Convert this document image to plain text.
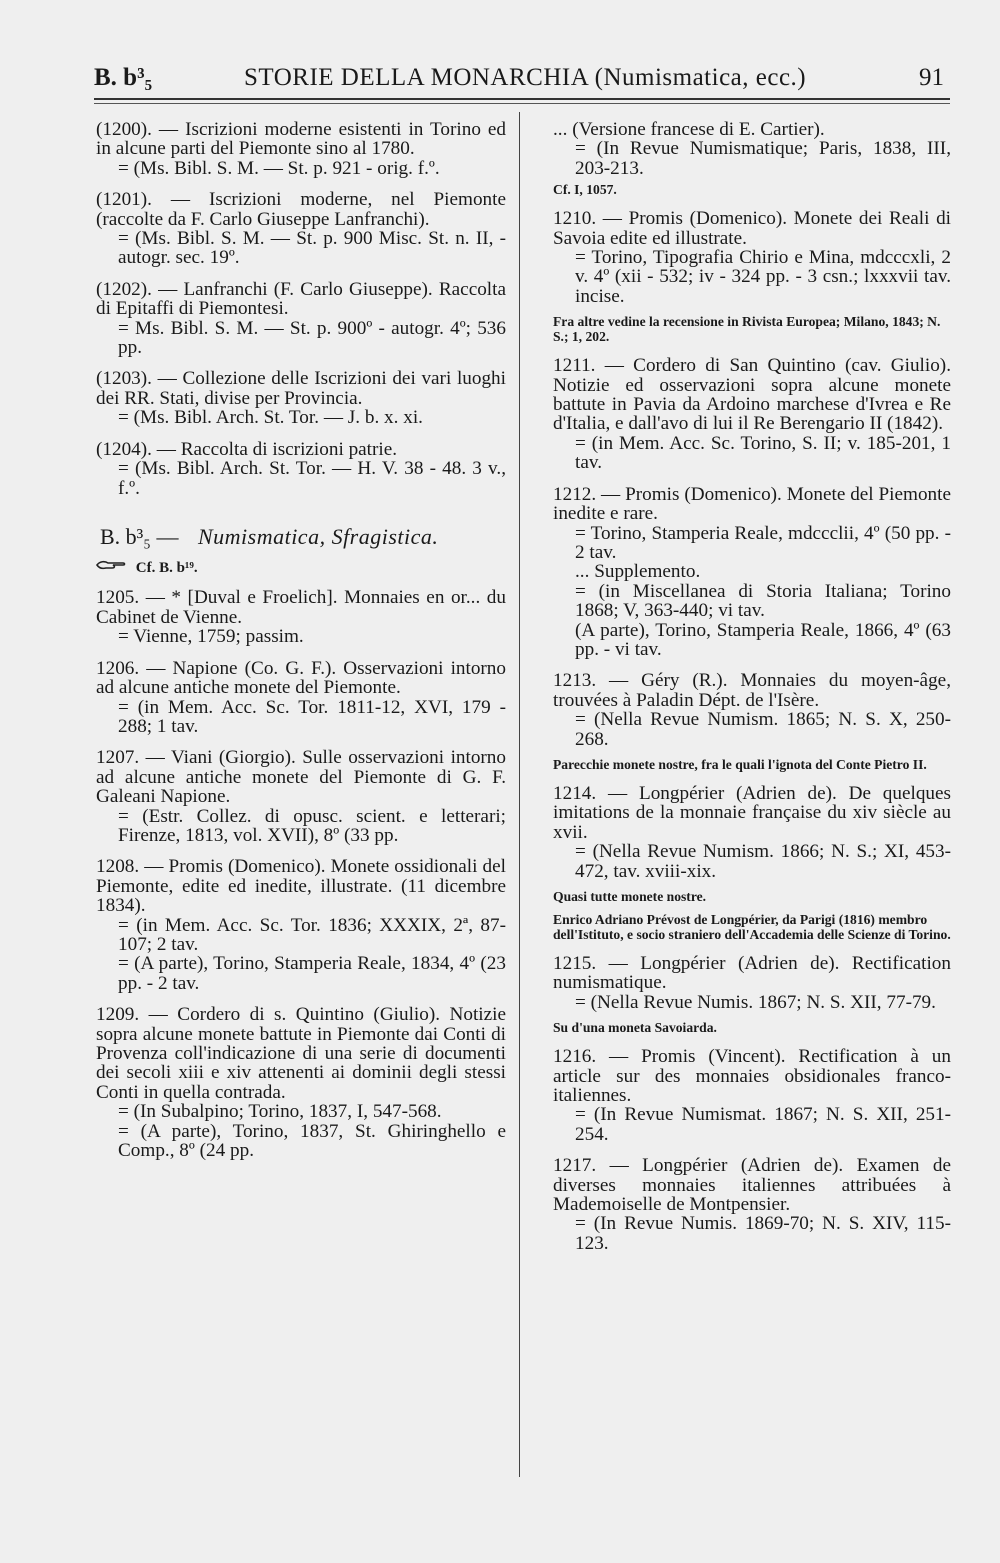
B. b³₅	STORIE DELLA MONARCHIA (Numismatica, ecc.)	91

(1200). — Iscrizioni moderne esistenti in Torino ed in alcune parti del Piemonte sino al 1780.

= (Ms. Bibl. S. M. — St. p. 921 - orig. f.º.

(1201). — Iscrizioni moderne, nel Piemonte (raccolte da F. Carlo Giuseppe Lanfranchi).

= (Ms. Bibl. S. M. — St. p. 900 Misc. St. n. II, - autogr. sec. 19º.

(1202). — Lanfranchi (F. Carlo Giuseppe). Raccolta di Epitaffi di Piemontesi.

= Ms. Bibl. S. M. — St. p. 900º - autogr. 4º; 536 pp.

(1203). — Collezione delle Iscrizioni dei vari luoghi dei RR. Stati, divise per Provincia.

= (Ms. Bibl. Arch. St. Tor. — J. b. x. xi.

(1204). — Raccolta di iscrizioni patrie.

= (Ms. Bibl. Arch. St. Tor. — H. V. 38 - 48. 3 v., f.º.

B. b³₅ — Numismatica, Sfragistica.
Cf. B. b¹⁹.

1205. — * [Duval e Froelich]. Monnaies en or... du Cabinet de Vienne.

= Vienne, 1759; passim.

1206. — Napione (Co. G. F.). Osservazioni intorno ad alcune antiche monete del Piemonte.

= (in Mem. Acc. Sc. Tor. 1811-12, XVI, 179 - 288; 1 tav.

1207. — Viani (Giorgio). Sulle osservazioni intorno ad alcune antiche monete del Piemonte di G. F. Galeani Napione.

= (Estr. Collez. di opusc. scient. e letterari; Firenze, 1813, vol. XVII), 8º (33 pp.

1208. — Promis (Domenico). Monete ossidionali del Piemonte, edite ed inedite, illustrate. (11 dicembre 1834).

= (in Mem. Acc. Sc. Tor. 1836; XXXIX, 2ª, 87-107; 2 tav.

= (A parte), Torino, Stamperia Reale, 1834, 4º (23 pp. - 2 tav.

1209. — Cordero di s. Quintino (Giulio). Notizie sopra alcune monete battute in Piemonte dai Conti di Provenza coll'indicazione di una serie di documenti dei secoli xiii e xiv attenenti ai dominii degli stessi Conti in quella contrada.

= (In Subalpino; Torino, 1837, I, 547-568.

= (A parte), Torino, 1837, St. Ghiringhello e Comp., 8º (24 pp.

... (Versione francese di E. Cartier).

= (In Revue Numismatique; Paris, 1838, III, 203-213.

Cf. I, 1057.

1210. — Promis (Domenico). Monete dei Reali di Savoia edite ed illustrate.

= Torino, Tipografia Chirio e Mina, mdcccxli, 2 v. 4º (xii - 532; iv - 324 pp. - 3 csn.; lxxxvii tav. incise.

Fra altre vedine la recensione in Rivista Europea; Milano, 1843; N. S.; 1, 202.

1211. — Cordero di San Quintino (cav. Giulio). Notizie ed osservazioni sopra alcune monete battute in Pavia da Ardoino marchese d'Ivrea e Re d'Italia, e dall'avo di lui il Re Berengario II (1842).

= (in Mem. Acc. Sc. Torino, S. II; v. 185-201, 1 tav.

1212. — Promis (Domenico). Monete del Piemonte inedite e rare.

= Torino, Stamperia Reale, mdccclii, 4º (50 pp. - 2 tav.

... Supplemento.

= (in Miscellanea di Storia Italiana; Torino 1868; V, 363-440; vi tav.

(A parte), Torino, Stamperia Reale, 1866, 4º (63 pp. - vi tav.

1213. — Géry (R.). Monnaies du moyen-âge, trouvées à Paladin Dépt. de l'Isère.

= (Nella Revue Numism. 1865; N. S. X, 250-268.

Parecchie monete nostre, fra le quali l'ignota del Conte Pietro II.

1214. — Longpérier (Adrien de). De quelques imitations de la monnaie française du xiv siècle au xvii.

= (Nella Revue Numism. 1866; N. S.; XI, 453-472, tav. xviii-xix.

Quasi tutte monete nostre.
Enrico Adriano Prévost de Longpérier, da Parigi (1816) membro dell'Istituto, e socio straniero dell'Accademia delle Scienze di Torino.

1215. — Longpérier (Adrien de). Rectification numismatique.

= (Nella Revue Numis. 1867; N. S. XII, 77-79.

Su d'una moneta Savoiarda.

1216. — Promis (Vincent). Rectification à un article sur des monnaies obsidionales franco-italiennes.

= (In Revue Numismat. 1867; N. S. XII, 251-254.

1217. — Longpérier (Adrien de). Examen de diverses monnaies italiennes attribuées à Mademoiselle de Montpensier.

= (In Revue Numis. 1869-70; N. S. XIV, 115-123.
